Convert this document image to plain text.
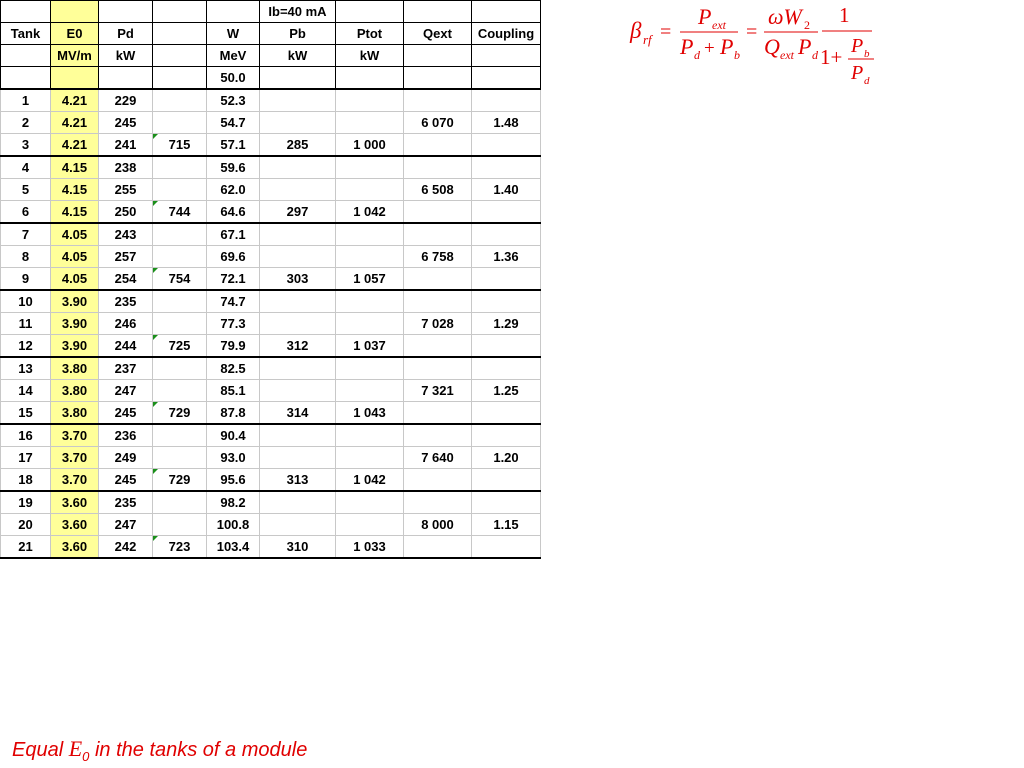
					Ib=40 mA			
Tank	E0	Pd		W	Pb	Ptot	Qext	Coupling
	MV/m	kW		MeV	kW	kW		
				50.0				
1	4.21	229		52.3				
2	4.21	245		54.7			6 070	1.48
3	4.21	241	715	57.1	285	1 000		
4	4.15	238		59.6				
5	4.15	255		62.0			6 508	1.40
6	4.15	250	744	64.6	297	1 042		
7	4.05	243		67.1				
8	4.05	257		69.6			6 758	1.36
9	4.05	254	754	72.1	303	1 057		
10	3.90	235		74.7				
11	3.90	246		77.3			7 028	1.29
12	3.90	244	725	79.9	312	1 037		
13	3.80	237		82.5				
14	3.80	247		85.1			7 321	1.25
15	3.80	245	729	87.8	314	1 043		
16	3.70	236		90.4				
17	3.70	249		93.0			7 640	1.20
18	3.70	245	729	95.6	313	1 042		
19	3.60	235		98.2				
20	3.60	247		100.8			8 000	1.15
21	3.60	242	723	103.4	310	1 033		
β rf =
P ext
P d + P b
=
ωW 2
Q ext P d
1
1+ P b
P d
Equal $E_0$ in the tanks of a module
